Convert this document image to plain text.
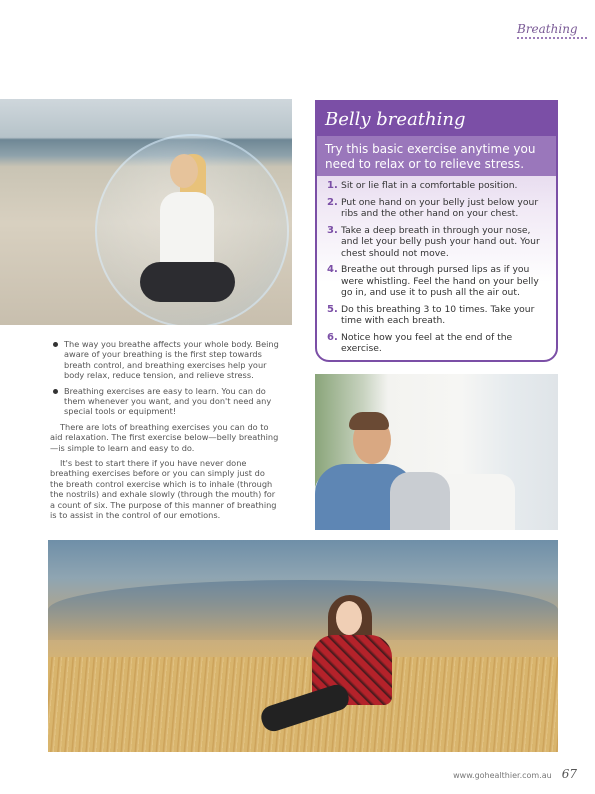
Breathing
Belly breathing
Try this basic exercise anytime you need to relax or to relieve stress.
1. Sit or lie flat in a comfortable position.
2. Put one hand on your belly just below your ribs and the other hand on your chest.
3. Take a deep breath in through your nose, and let your belly push your hand out. Your chest should not move.
4. Breathe out through pursed lips as if you were whistling. Feel the hand on your belly go in, and use it to push all the air out.
5. Do this breathing 3 to 10 times. Take your time with each breath.
6. Notice how you feel at the end of the exercise.
The way you breathe affects your whole body. Being aware of your breathing is the first step towards breath control, and breathing exercises help your body relax, reduce tension, and relieve stress.
Breathing exercises are easy to learn. You can do them whenever you want, and you don't need any special tools or equipment!

There are lots of breathing exercises you can do to aid relaxation. The first exercise below—belly breathing—is simple to learn and easy to do.

It's best to start there if you have never done breathing exercises before or you can simply just do the breath control exercise which is to inhale (through the nostrils) and exhale slowly (through the mouth) for a count of six. The purpose of this manner of breathing is to assist in the control of our emotions.

www.gohealthier.com.au 67
